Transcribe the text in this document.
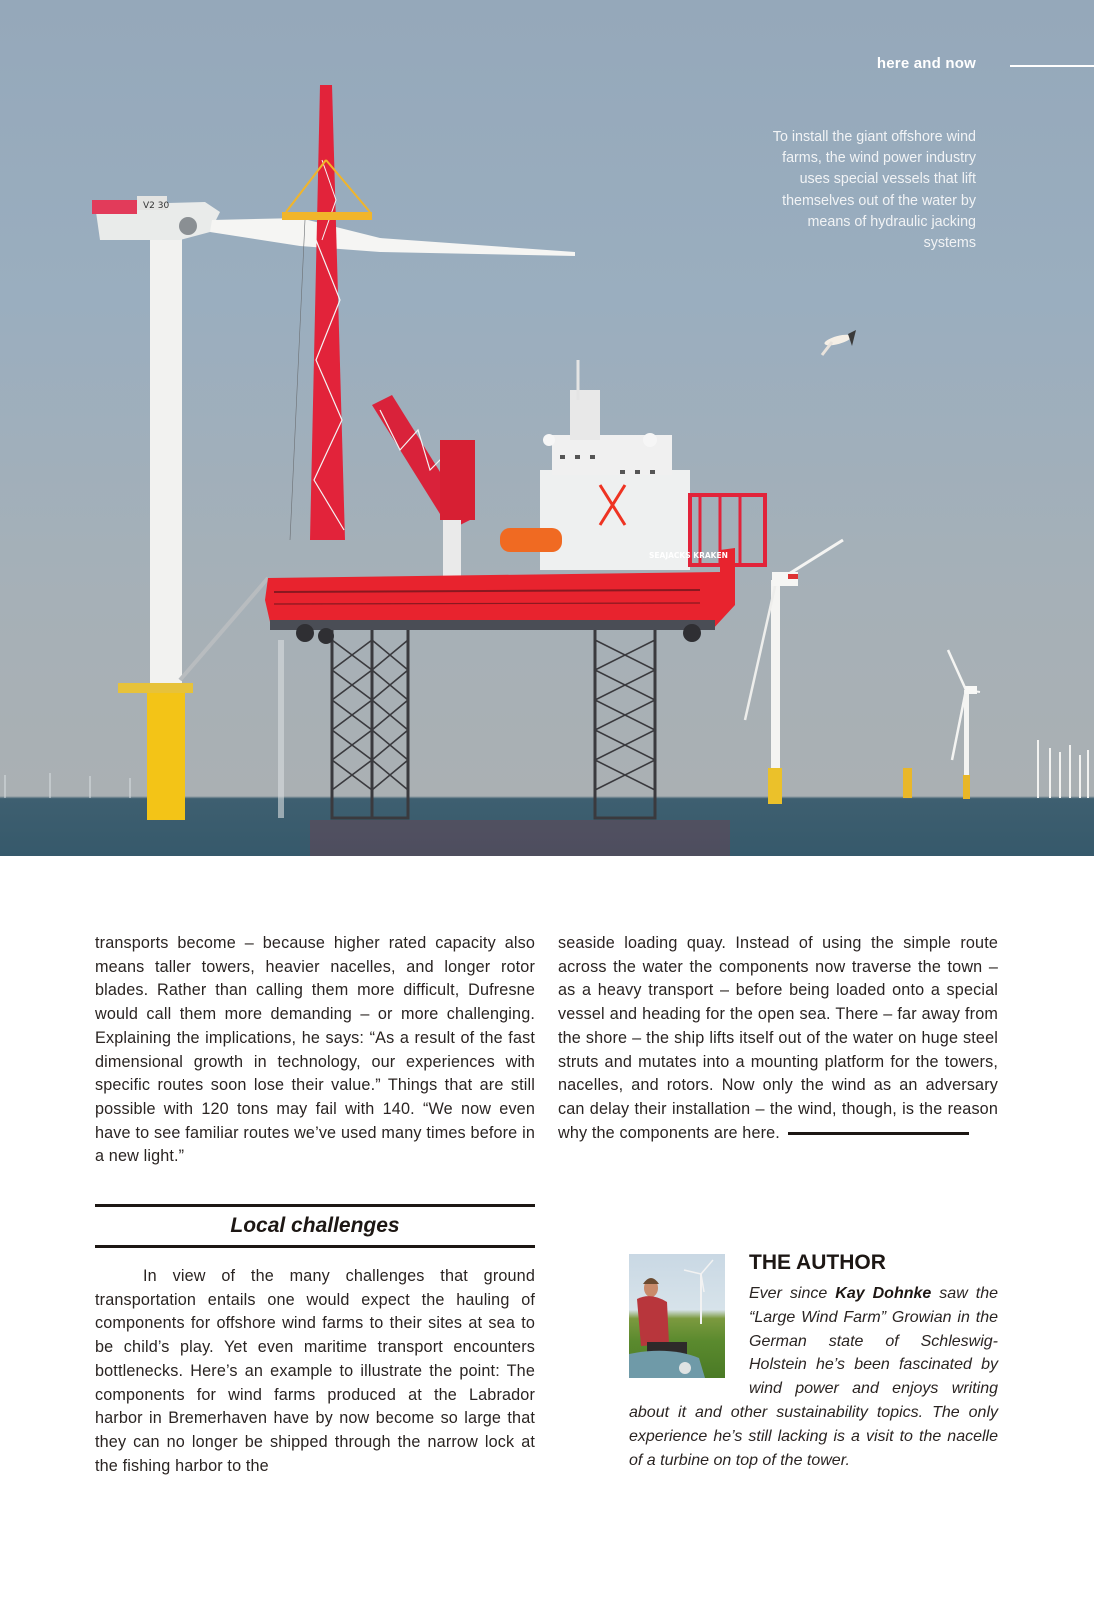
V2 30
SEAJACKS KRAKEN
here and now
To install the giant offshore wind farms, the wind power industry uses special vessels that lift themselves out of the water by means of hydraulic jacking systems
transports become – because higher rated capacity also means taller towers, heavier nacelles, and longer rotor blades. Rather than calling them more difficult, Dufresne would call them more demanding – or more challenging. Explaining the implications, he says: “As a result of the fast dimensional growth in technology, our experiences with specific routes soon lose their value.” Things that are still possible with 120 tons may fail with 140. “We now even have to see familiar routes we’ve used many times before in a new light.”
seaside loading quay. Instead of using the simple route across the water the components now traverse the town – as a heavy transport – before being loaded onto a special vessel and heading for the open sea. There – far away from the shore – the ship lifts itself out of the water on huge steel struts and mutates into a mounting platform for the towers, nacelles, and rotors. Now only the wind as an adversary can delay their installation – the wind, though, is the reason why the components are here.
Local challenges
In view of the many challenges that ground transportation entails one would expect the hauling of components for offshore wind farms to their sites at sea to be child’s play. Yet even maritime transport encounters bottlenecks. Here’s an example to illustrate the point: The components for wind farms produced at the Labrador harbor in Bremerhaven have by now become so large that they can no longer be shipped through the narrow lock at the fishing harbor to the
THE AUTHOR

Ever since Kay Dohnke saw the “Large Wind Farm” Growian in the German state of Schleswig-Holstein he’s been fascinated by wind power and enjoys writing about it and other sustainability topics. The only experience he’s still lacking is a visit to the nacelle of a turbine on top of the tower.
